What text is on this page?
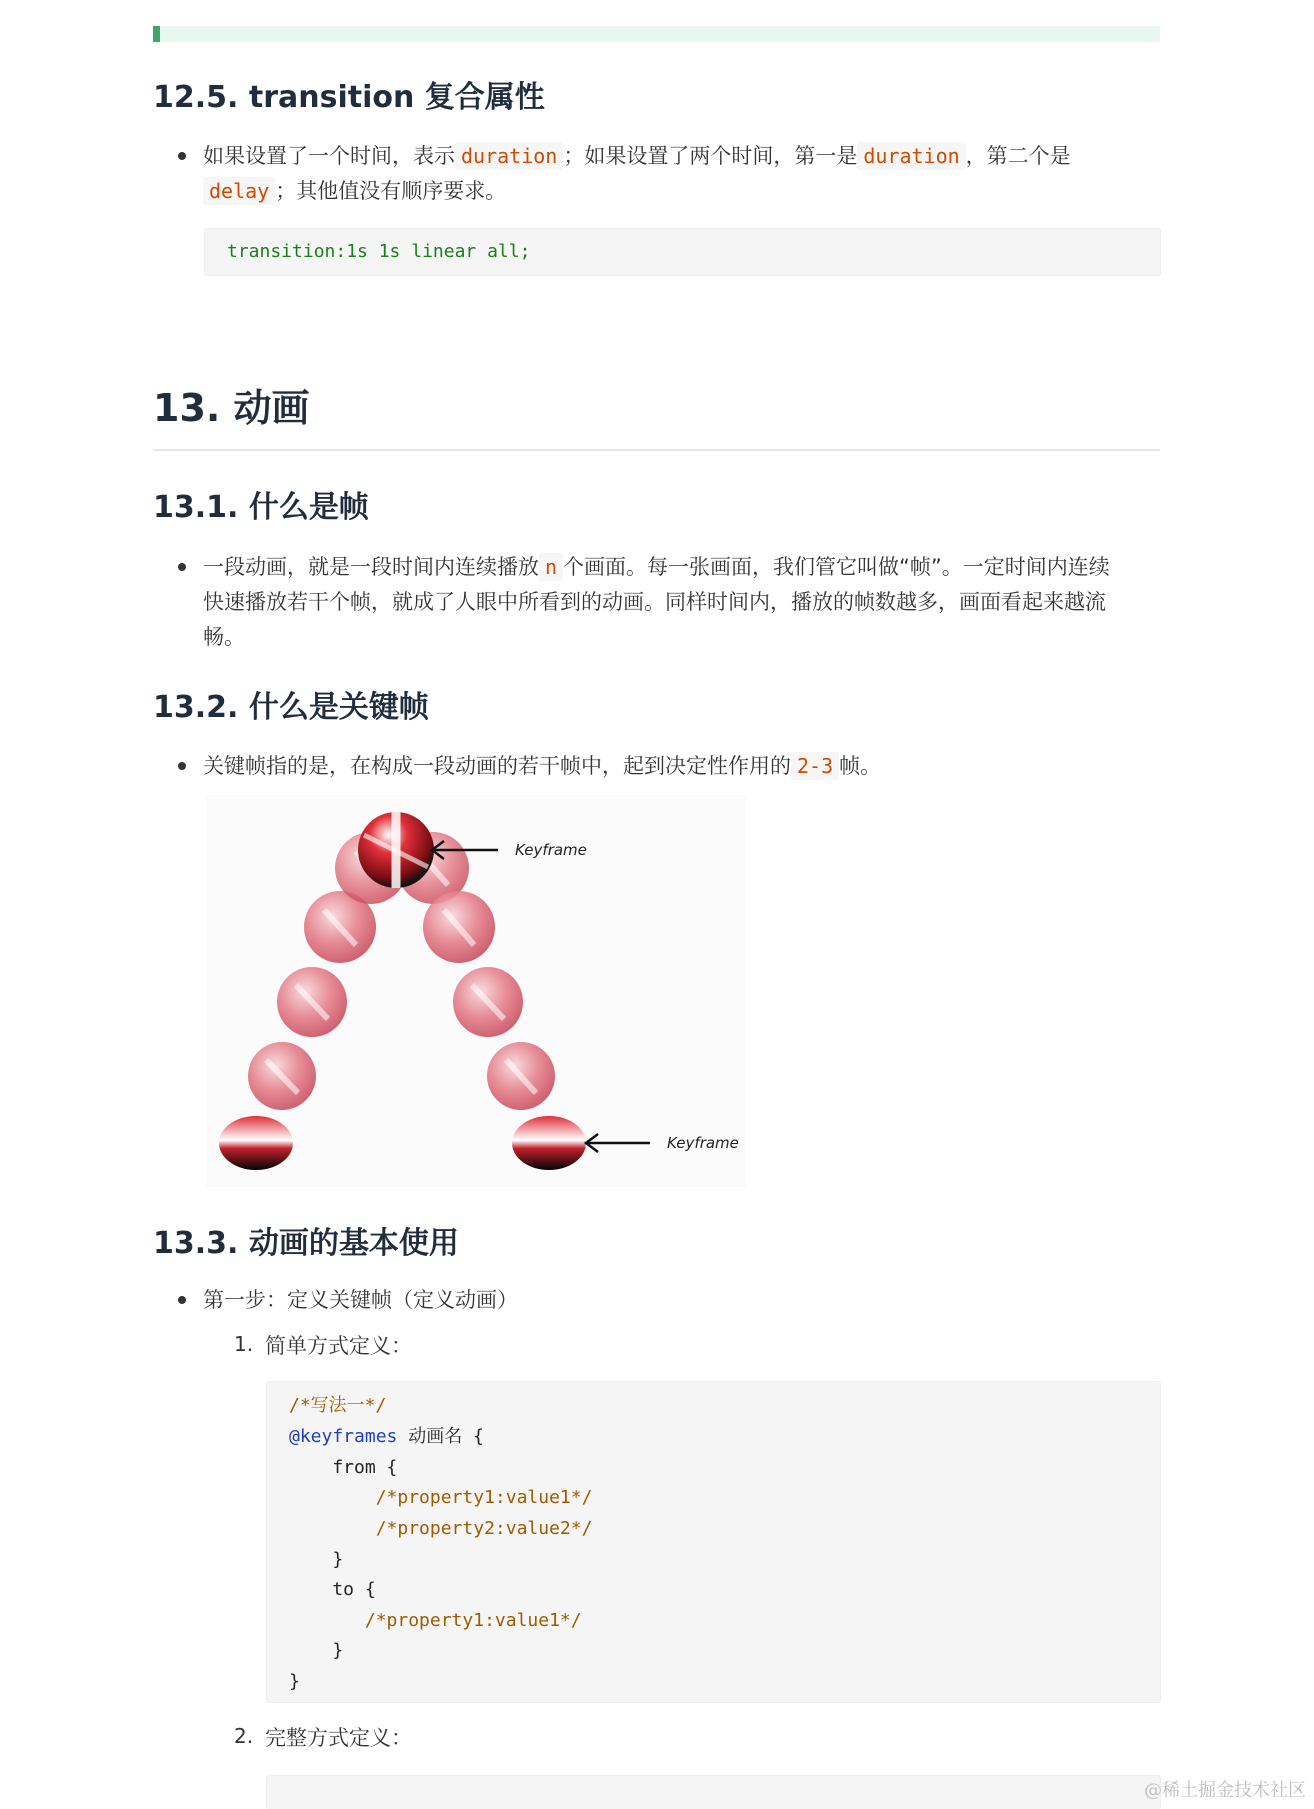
12.5. transition 复合属性
如果设置了一个时间，表示 duration ；如果设置了两个时间，第一是 duration ，第二个是
delay ；其他值没有顺序要求。
transition:1s 1s linear all;
13. 动画
13.1. 什么是帧
一段动画，就是一段时间内连续播放 n 个画面。每一张画面，我们管它叫做“帧”。一定时间内连续
快速播放若干个帧，就成了人眼中所看到的动画。同样时间内，播放的帧数越多，画面看起来越流
畅。
13.2. 什么是关键帧
关键帧指的是，在构成一段动画的若干帧中，起到决定性作用的 2-3 帧。
Keyframe
Keyframe
13.3. 动画的基本使用
第一步：定义关键帧（定义动画）
1. 简单方式定义：
/*写法一*/
@keyframes 动画名 {
from {
/*property1:value1*/
/*property2:value2*/
}
to {
/*property1:value1*/
}
}
2. 完整方式定义：
@稀土掘金技术社区
